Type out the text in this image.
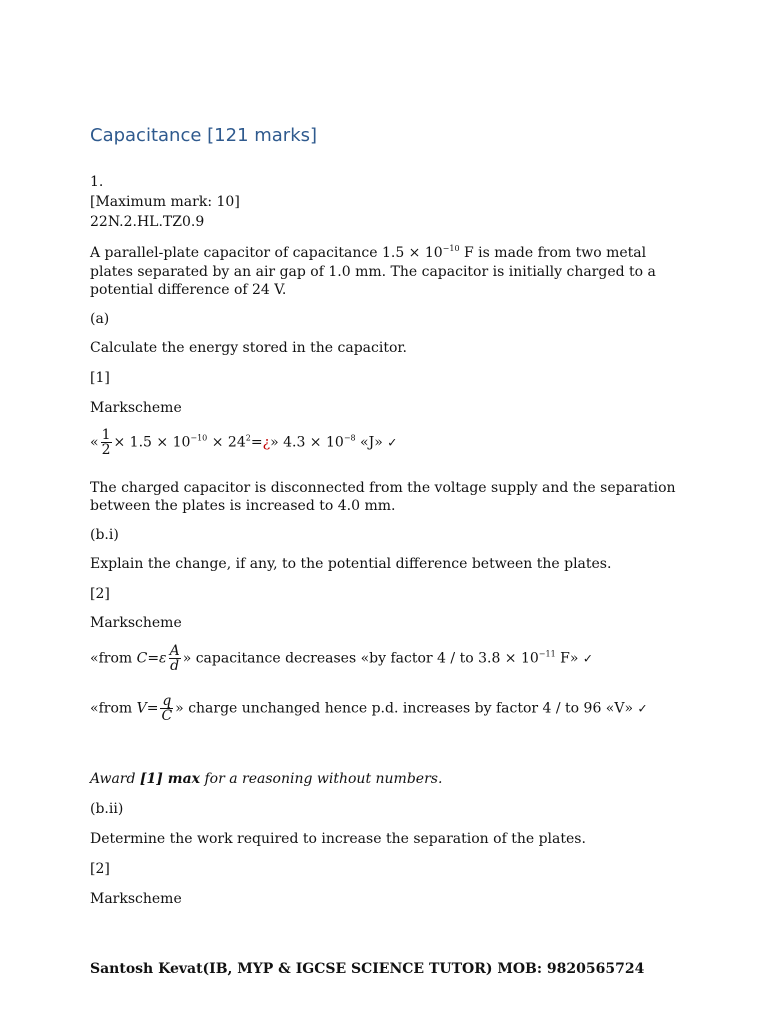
Capacitance [121 marks]
1.
[Maximum mark: 10]
22N.2.HL.TZ0.9
A parallel-plate capacitor of capacitance $1.5 \times 10^{-10}$ F is made from two metal
plates separated by an air gap of 1.0 mm. The capacitor is initially charged to a potential difference of 24 V.
(a)
Calculate the energy stored in the capacitor.
[1]
Markscheme
« $\frac{1}{2} \times 1.5 \times 10^{-10}$ × $24^2=¿$» $4.3 \times 10^{-8}$ «J» ✓
The charged capacitor is disconnected from the voltage supply and the separation between the plates is increased to 4.0 mm.
(b.i)
Explain the change, if any, to the potential difference between the plates.
[2]
Markscheme
«from $C=\varepsilon \frac{A}{d}$ » capacitance decreases «by factor 4 / to $3.8 \times 10^{-11}$ F» ✓
«from $V= \frac{q}{C}$ » charge unchanged hence p.d. increases by factor 4 / to 96 «V» ✓
Award [1] max for a reasoning without numbers.
(b.ii)
Determine the work required to increase the separation of the plates.
[2]
Markscheme
Santosh Kevat(IB, MYP & IGCSE SCIENCE TUTOR) MOB: 9820565724
